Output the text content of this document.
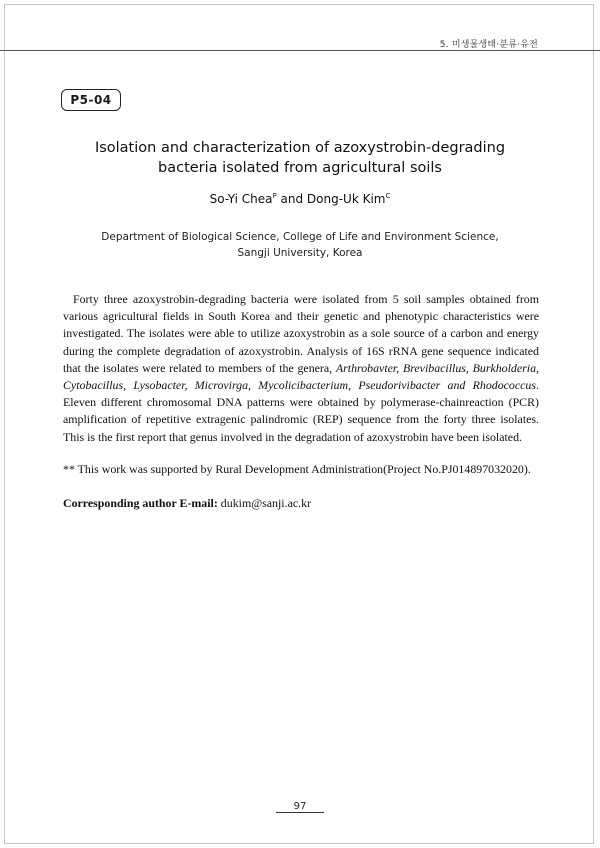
5. 미생물생태·분류·유전
P5-04
Isolation and characterization of azoxystrobin-degrading
bacteria isolated from agricultural soils
So-Yi Chea$^P$ and Dong-Uk Kim$^C$
Department of Biological Science, College of Life and Environment Science,
Sangji University, Korea
Forty three azoxystrobin-degrading bacteria were isolated from 5 soil samples obtained from various agricultural fields in South Korea and their genetic and phenotypic characteristics were investigated. The isolates were able to utilize azoxystrobin as a sole source of a carbon and energy during the complete degradation of azoxystrobin. Analysis of 16S rRNA gene sequence indicated that the isolates were related to members of the genera, Arthrobavter, Brevibacillus, Burkholderia, Cytobacillus, Lysobacter, Microvirga, Mycolicibacterium, Pseudorivibacter and Rhodococcus. Eleven different chromosomal DNA patterns were obtained by polymerase-chainreaction (PCR) amplification of repetitive extragenic palindromic (REP) sequence from the forty three isolates. This is the first report that genus involved in the degradation of azoxystrobin have been isolated.
** This work was supported by Rural Development Administration(Project No.PJ014897032020).
Corresponding author E-mail: dukim@sanji.ac.kr
97
